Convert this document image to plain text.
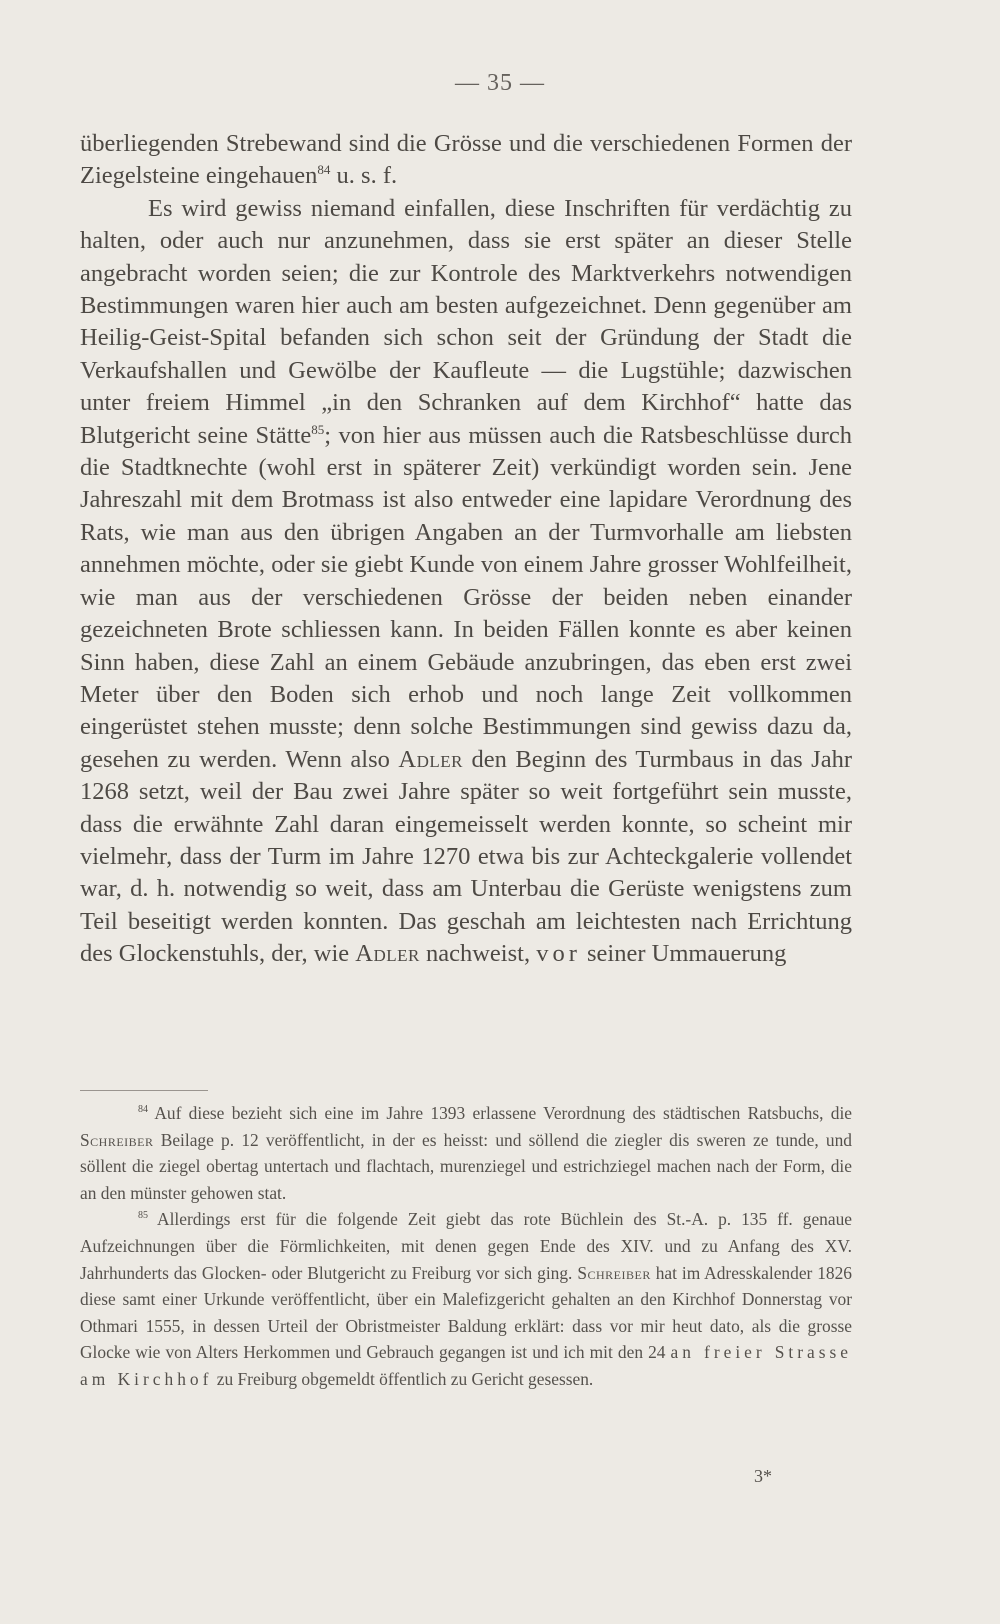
— 35 —

überliegenden Strebewand sind die Grösse und die verschiedenen Formen der Ziegelsteine eingehauen$^{84}$ u. s. f.

Es wird gewiss niemand einfallen, diese Inschriften für verdächtig zu halten, oder auch nur anzunehmen, dass sie erst später an dieser Stelle angebracht worden seien; die zur Kontrole des Marktverkehrs notwendigen Bestimmungen waren hier auch am besten aufgezeichnet. Denn gegenüber am Heilig-Geist-Spital befanden sich schon seit der Gründung der Stadt die Verkaufshallen und Gewölbe der Kaufleute — die Lugstühle; dazwischen unter freiem Himmel „in den Schranken auf dem Kirchhof“ hatte das Blutgericht seine Stätte$^{85}$; von hier aus müssen auch die Ratsbeschlüsse durch die Stadtknechte (wohl erst in späterer Zeit) verkündigt worden sein. Jene Jahreszahl mit dem Brotmass ist also entweder eine lapidare Verordnung des Rats, wie man aus den übrigen Angaben an der Turmvorhalle am liebsten annehmen möchte, oder sie giebt Kunde von einem Jahre grosser Wohlfeilheit, wie man aus der verschiedenen Grösse der beiden neben einander gezeichneten Brote schliessen kann. In beiden Fällen konnte es aber keinen Sinn haben, diese Zahl an einem Gebäude anzubringen, das eben erst zwei Meter über den Boden sich erhob und noch lange Zeit vollkommen eingerüstet stehen musste; denn solche Bestimmungen sind gewiss dazu da, gesehen zu werden. Wenn also Adler den Beginn des Turmbaus in das Jahr 1268 setzt, weil der Bau zwei Jahre später so weit fortgeführt sein musste, dass die erwähnte Zahl daran eingemeisselt werden konnte, so scheint mir vielmehr, dass der Turm im Jahre 1270 etwa bis zur Achteckgalerie vollendet war, d. h. notwendig so weit, dass am Unterbau die Gerüste wenigstens zum Teil beseitigt werden konnten. Das geschah am leichtesten nach Errichtung des Glockenstuhls, der, wie Adler nachweist, vor seiner Ummauerung

$^{84}$ Auf diese bezieht sich eine im Jahre 1393 erlassene Verordnung des städtischen Ratsbuchs, die Schreiber Beilage p. 12 veröffentlicht, in der es heisst: und söllend die ziegler dis sweren ze tunde, und söllent die ziegel obertag untertach und flachtach, murenziegel und estrichziegel machen nach der Form, die an den münster gehowen stat.

$^{85}$ Allerdings erst für die folgende Zeit giebt das rote Büchlein des St.-A. p. 135 ff. genaue Aufzeichnungen über die Förmlichkeiten, mit denen gegen Ende des XIV. und zu Anfang des XV. Jahrhunderts das Glocken- oder Blutgericht zu Freiburg vor sich ging. Schreiber hat im Adresskalender 1826 diese samt einer Urkunde veröffentlicht, über ein Malefizgericht gehalten an den Kirchhof Donnerstag vor Othmari 1555, in dessen Urteil der Obristmeister Baldung erklärt: dass vor mir heut dato, als die grosse Glocke wie von Alters Herkommen und Gebrauch gegangen ist und ich mit den 24 an freier Strasse am Kirchhof zu Freiburg obgemeldt öffentlich zu Gericht gesessen.

3*
